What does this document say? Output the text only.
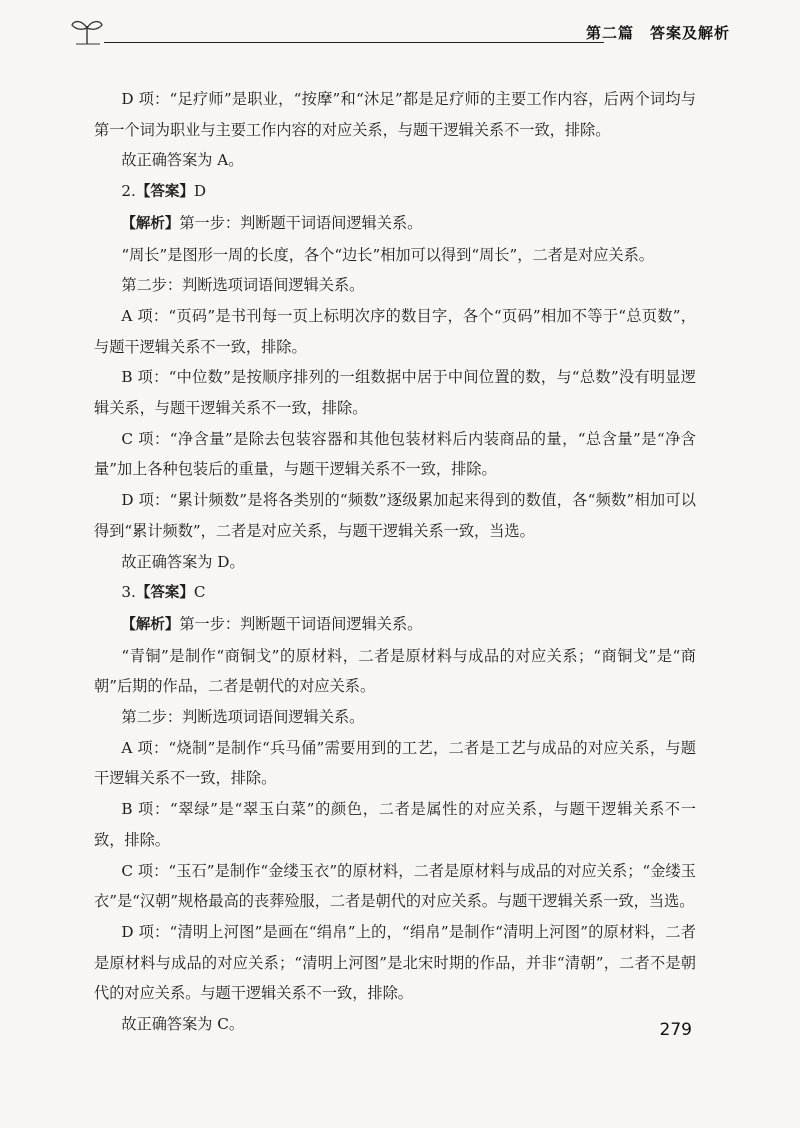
第二篇　答案及解析

D 项：“足疗师”是职业，“按摩”和“沐足”都是足疗师的主要工作内容，后两个词均与第一个词为职业与主要工作内容的对应关系，与题干逻辑关系不一致，排除。

故正确答案为 A。

2.【答案】D

【解析】第一步：判断题干词语间逻辑关系。

“周长”是图形一周的长度，各个“边长”相加可以得到“周长”，二者是对应关系。

第二步：判断选项词语间逻辑关系。

A 项：“页码”是书刊每一页上标明次序的数目字，各个“页码”相加不等于“总页数”，与题干逻辑关系不一致，排除。

B 项：“中位数”是按顺序排列的一组数据中居于中间位置的数，与“总数”没有明显逻辑关系，与题干逻辑关系不一致，排除。

C 项：“净含量”是除去包装容器和其他包装材料后内装商品的量，“总含量”是“净含量”加上各种包装后的重量，与题干逻辑关系不一致，排除。

D 项：“累计频数”是将各类别的“频数”逐级累加起来得到的数值，各“频数”相加可以得到“累计频数”，二者是对应关系，与题干逻辑关系一致，当选。

故正确答案为 D。

3.【答案】C

【解析】第一步：判断题干词语间逻辑关系。

“青铜”是制作“商铜戈”的原材料，二者是原材料与成品的对应关系；“商铜戈”是“商朝”后期的作品，二者是朝代的对应关系。

第二步：判断选项词语间逻辑关系。

A 项：“烧制”是制作“兵马俑”需要用到的工艺，二者是工艺与成品的对应关系，与题干逻辑关系不一致，排除。

B 项：“翠绿”是“翠玉白菜”的颜色，二者是属性的对应关系，与题干逻辑关系不一致，排除。

C 项：“玉石”是制作“金缕玉衣”的原材料，二者是原材料与成品的对应关系；“金缕玉衣”是“汉朝”规格最高的丧葬殓服，二者是朝代的对应关系。与题干逻辑关系一致，当选。

D 项：“清明上河图”是画在“绢帛”上的，“绢帛”是制作“清明上河图”的原材料，二者是原材料与成品的对应关系；“清明上河图”是北宋时期的作品，并非“清朝”，二者不是朝代的对应关系。与题干逻辑关系不一致，排除。

故正确答案为 C。	279
